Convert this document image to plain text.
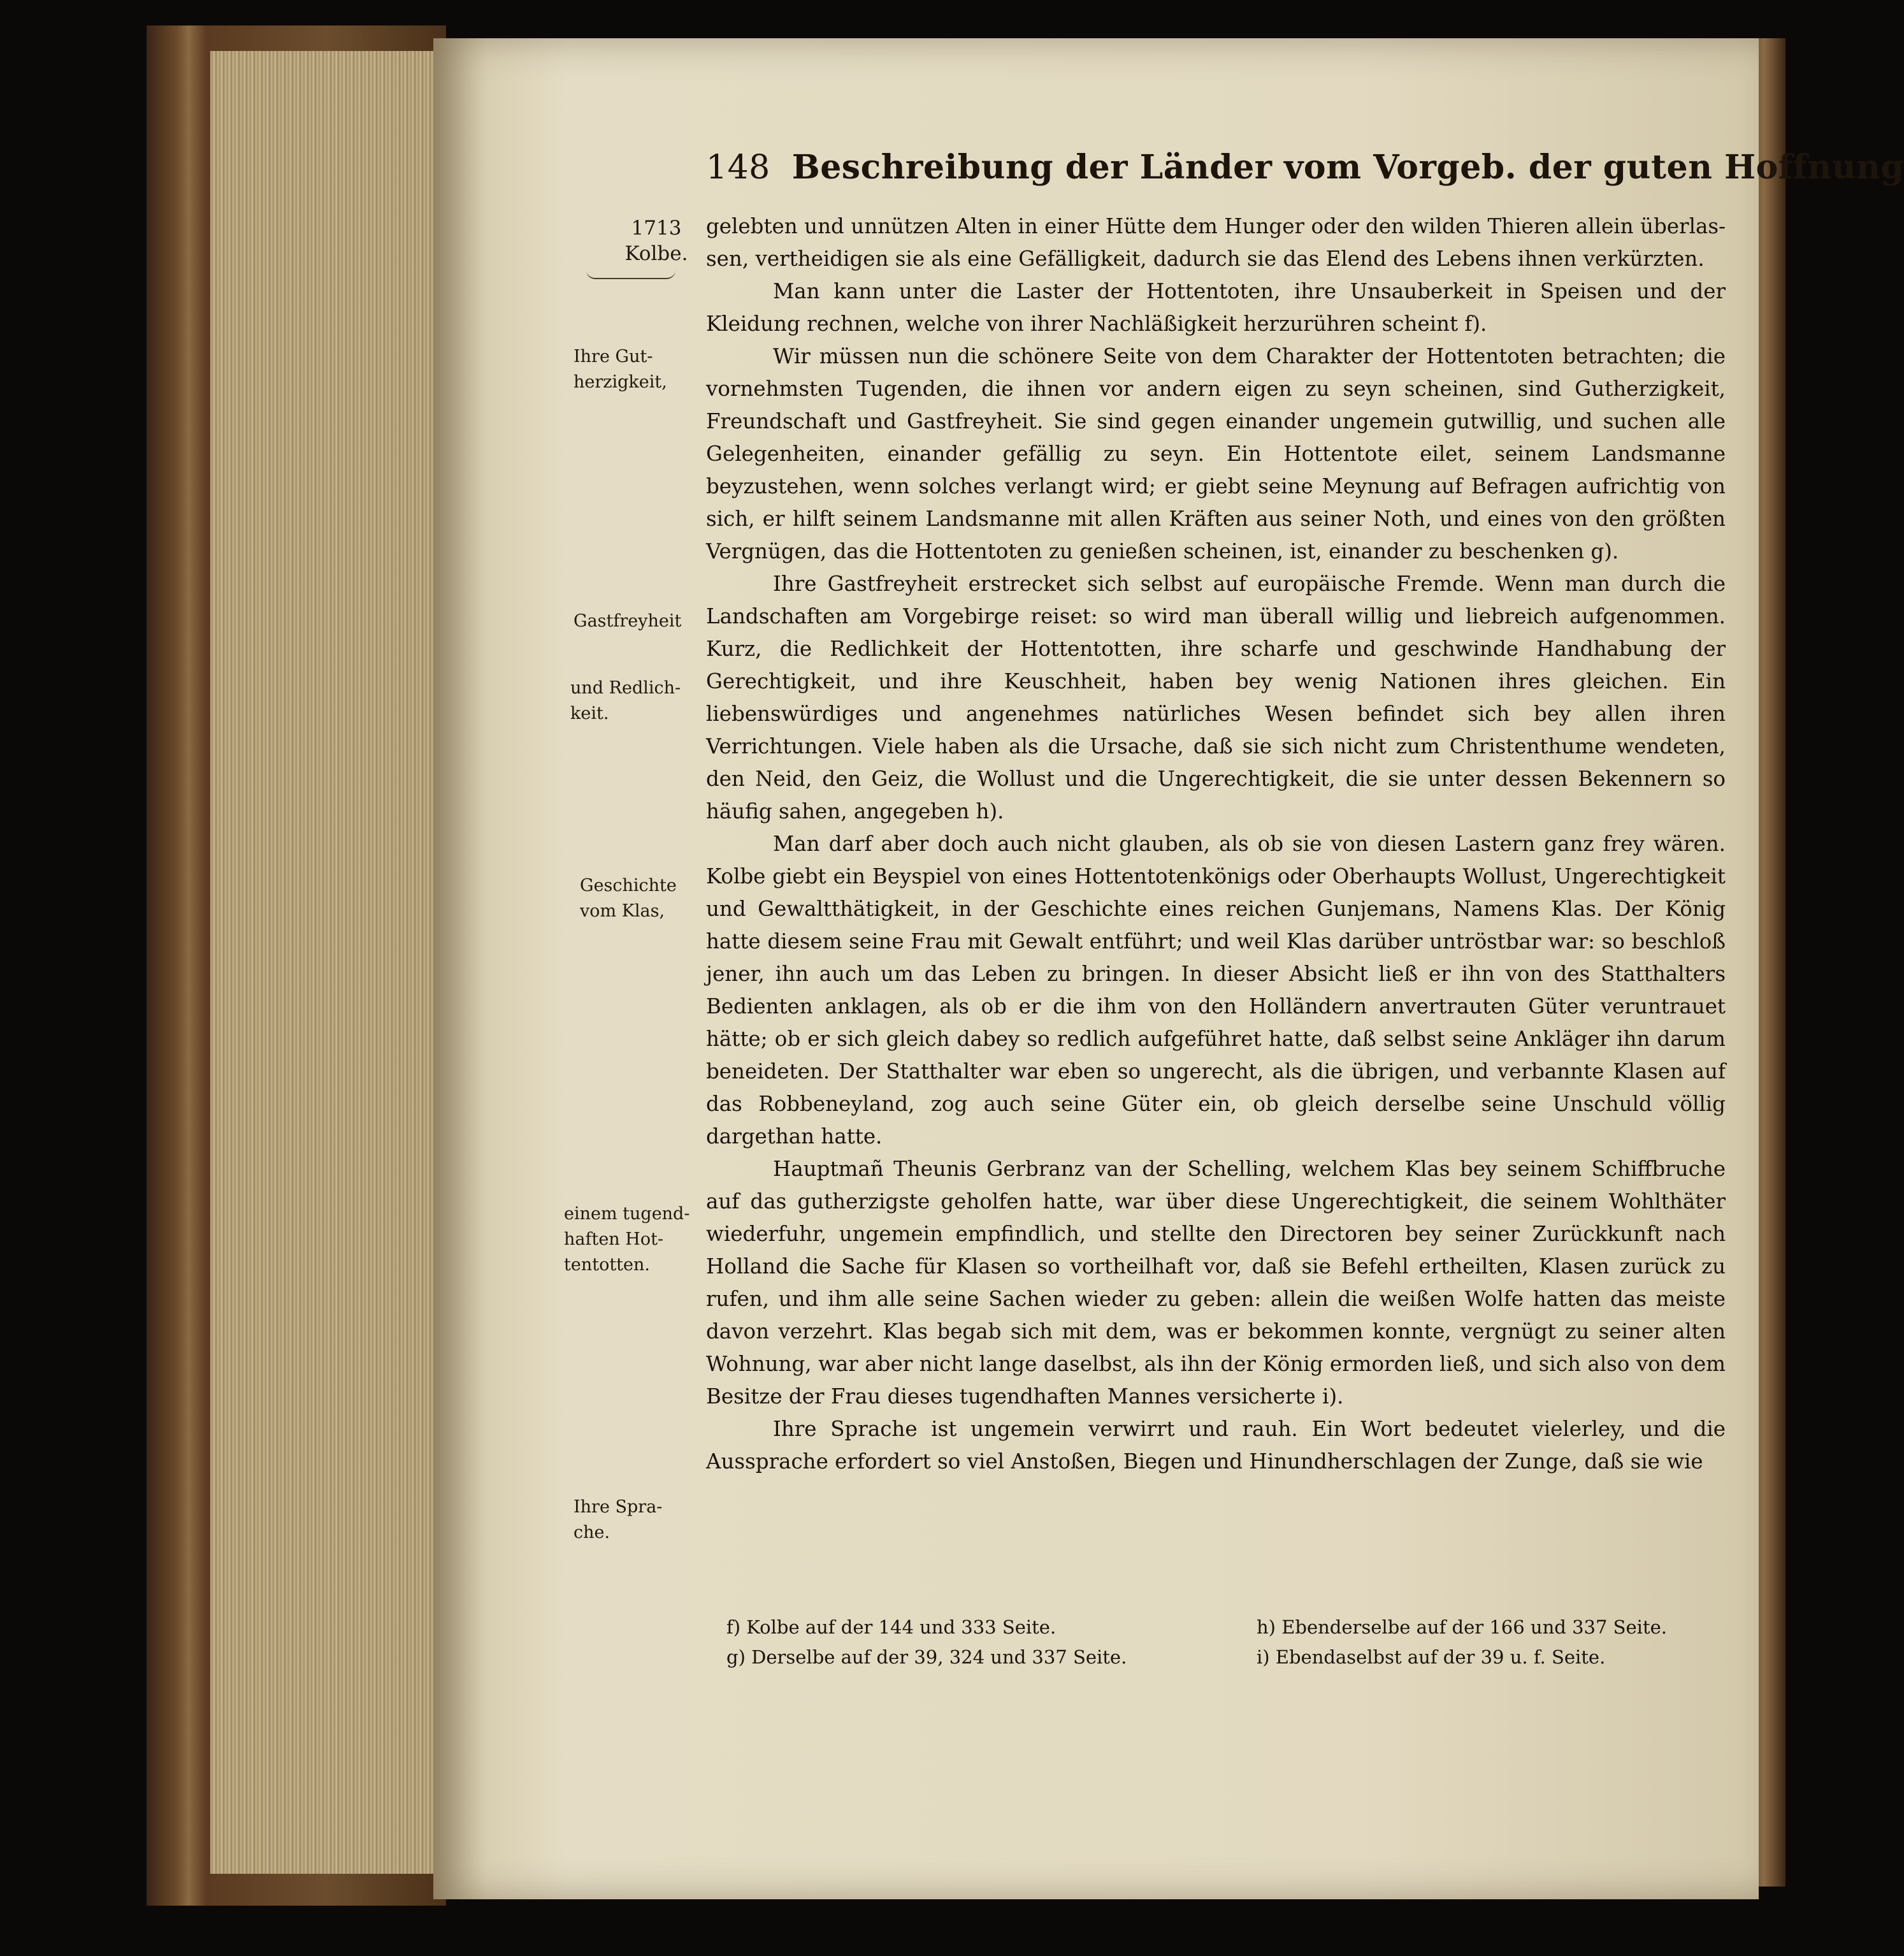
148 Beschreibung der Länder vom Vorgeb. der guten Hoffnung
1713
Kolbe.
Ihre Gut-
herzigkeit,
Gastfreyheit
und Redlich-
keit.
Geschichte
vom Klas,
einem tugend-
haften Hot-
tentotten.
Ihre Spra-
che.

gelebten und unnützen Alten in einer Hütte dem Hunger oder den wilden Thieren allein überlas-sen, vertheidigen sie als eine Gefälligkeit, dadurch sie das Elend des Lebens ihnen verkürzten.

Man kann unter die Laster der Hottentoten, ihre Unsauberkeit in Speisen und der Kleidung rechnen, welche von ihrer Nachläßigkeit herzurühren scheint f).

Wir müssen nun die schönere Seite von dem Charakter der Hottentoten betrachten; die vornehmsten Tugenden, die ihnen vor andern eigen zu seyn scheinen, sind Gutherzigkeit, Freundschaft und Gastfreyheit. Sie sind gegen einander ungemein gutwillig, und suchen alle Gelegenheiten, einander gefällig zu seyn. Ein Hottentote eilet, seinem Landsmanne beyzustehen, wenn solches verlangt wird; er giebt seine Meynung auf Befragen aufrichtig von sich, er hilft seinem Landsmanne mit allen Kräften aus seiner Noth, und eines von den größten Vergnügen, das die Hottentoten zu genießen scheinen, ist, einander zu beschenken g).

Ihre Gastfreyheit erstrecket sich selbst auf europäische Fremde. Wenn man durch die Landschaften am Vorgebirge reiset: so wird man überall willig und liebreich aufgenommen. Kurz, die Redlichkeit der Hottentotten, ihre scharfe und geschwinde Handhabung der Gerechtigkeit, und ihre Keuschheit, haben bey wenig Nationen ihres gleichen. Ein liebenswürdiges und angenehmes natürliches Wesen befindet sich bey allen ihren Verrichtungen. Viele haben als die Ursache, daß sie sich nicht zum Christenthume wendeten, den Neid, den Geiz, die Wollust und die Ungerechtigkeit, die sie unter dessen Bekennern so häufig sahen, angegeben h).

Man darf aber doch auch nicht glauben, als ob sie von diesen Lastern ganz frey wären. Kolbe giebt ein Beyspiel von eines Hottentotenkönigs oder Oberhaupts Wollust, Ungerechtigkeit und Gewaltthätigkeit, in der Geschichte eines reichen Gunjemans, Namens Klas. Der König hatte diesem seine Frau mit Gewalt entführt; und weil Klas darüber untröstbar war: so beschloß jener, ihn auch um das Leben zu bringen. In dieser Absicht ließ er ihn von des Statthalters Bedienten anklagen, als ob er die ihm von den Holländern anvertrauten Güter veruntrauet hätte; ob er sich gleich dabey so redlich aufgeführet hatte, daß selbst seine Ankläger ihn darum beneideten. Der Statthalter war eben so ungerecht, als die übrigen, und verbannte Klasen auf das Robbeneyland, zog auch seine Güter ein, ob gleich derselbe seine Unschuld völlig dargethan hatte.

Hauptmañ Theunis Gerbranz van der Schelling, welchem Klas bey seinem Schiffbruche auf das gutherzigste geholfen hatte, war über diese Ungerechtigkeit, die seinem Wohlthäter wiederfuhr, ungemein empfindlich, und stellte den Directoren bey seiner Zurückkunft nach Holland die Sache für Klasen so vortheilhaft vor, daß sie Befehl ertheilten, Klasen zurück zu rufen, und ihm alle seine Sachen wieder zu geben: allein die weißen Wolfe hatten das meiste davon verzehrt. Klas begab sich mit dem, was er bekommen konnte, vergnügt zu seiner alten Wohnung, war aber nicht lange daselbst, als ihn der König ermorden ließ, und sich also von dem Besitze der Frau dieses tugendhaften Mannes versicherte i).

Ihre Sprache ist ungemein verwirrt und rauh. Ein Wort bedeutet vielerley, und die Aussprache erfordert so viel Anstoßen, Biegen und Hinundherschlagen der Zunge, daß sie wie

f) Kolbe auf der 144 und 333 Seite.
g) Derselbe auf der 39, 324 und 337 Seite.
h) Ebenderselbe auf der 166 und 337 Seite.
i) Ebendaselbst auf der 39 u. f. Seite.
